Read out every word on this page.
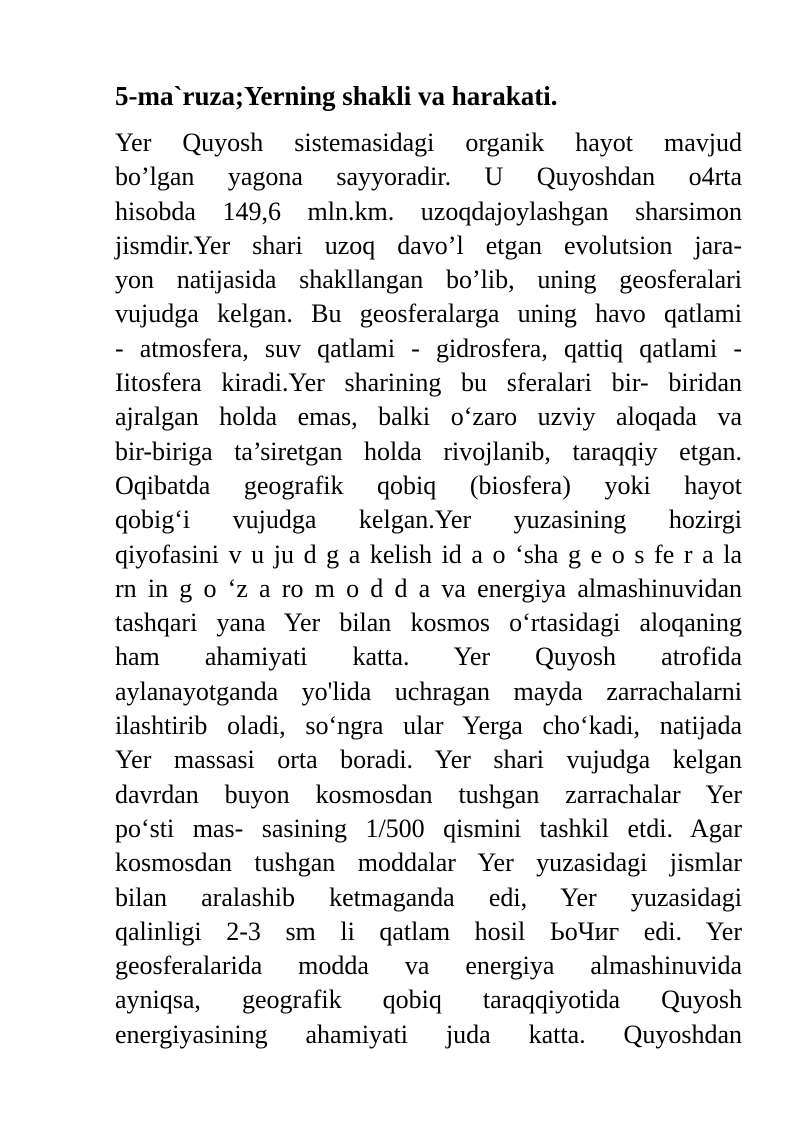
5-ma`ruza;Yerning shakli va harakati.
Yer Quyosh sistemasidagi organik hayot mavjud
bo’lgan yagona sayyoradir. U Quyoshdan o4rta
hisobda 149,6 mln.km. uzoqdajoylashgan sharsimon
jismdir.Yer shari uzoq davo’l etgan evolutsion jara-
yon natijasida shakllangan bo’lib, uning geosferalari
vujudga kelgan. Bu geosferalarga uning havo qatlami
- atmosfera, suv qatlami - gidrosfera, qattiq qatlami -
Iitosfera kiradi.Yer sharining bu sferalari bir- biridan
ajralgan holda emas, balki o‘zaro uzviy aloqada va
bir-biriga ta’siretgan holda rivojlanib, taraqqiy etgan.
Oqibatda geografik qobiq (biosfera) yoki hayot
qobig‘i vujudga kelgan.Yer yuzasining hozirgi
qiyofasini v u ju d g a kelish id a o ‘sha g e o s fe r a la
rn in g o ‘z a ro m o d d a va energiya almashinuvidan
tashqari yana Yer bilan kosmos o‘rtasidagi aloqaning
ham ahamiyati katta. Yer Quyosh atrofida
aylanayotganda yo'lida uchragan mayda zarrachalarni
ilashtirib oladi, so‘ngra ular Yerga cho‘kadi, natijada
Yer massasi orta boradi. Yer shari vujudga kelgan
davrdan buyon kosmosdan tushgan zarrachalar Yer
po‘sti mas- sasining 1/500 qismini tashkil etdi. Agar
kosmosdan tushgan moddalar Yer yuzasidagi jismlar
bilan aralashib ketmaganda edi, Yer yuzasidagi
qalinligi 2-3 sm li qatlam hosil ЬоЧиг edi. Yer
geosferalarida modda va energiya almashinuvida
ayniqsa, geografik qobiq taraqqiyotida Quyosh
energiyasining ahamiyati juda katta. Quyoshdan
